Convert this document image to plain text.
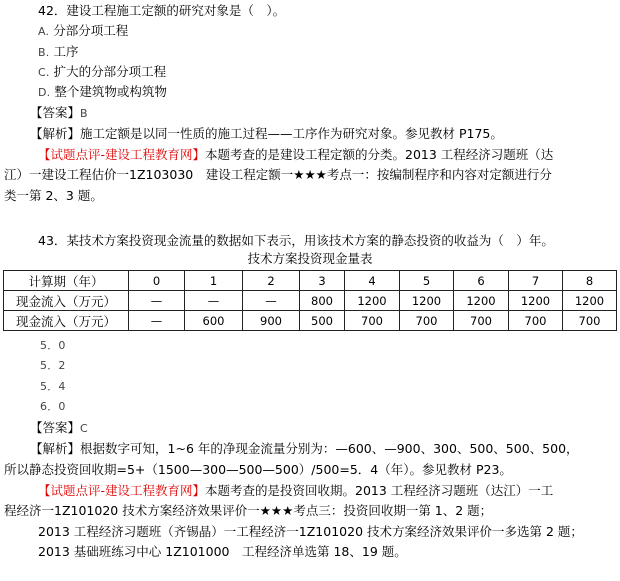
42．建设工程施工定额的研究对象是（　）。
A. 分部分项工程
B. 工序
C. 扩大的分部分项工程
D. 整个建筑物或构筑物
【答案】B
【解析】施工定额是以同一性质的施工过程——工序作为研究对象。参见教材 P175。
【试题点评-建设工程教育网】本题考查的是建设工程定额的分类。2013 工程经济习题班（达
江）一建设工程估价一1Z103030　建设工程定额一★★★考点一：按编制程序和内容对定额进行分
类一第 2、3 题。
43．某技术方案投资现金流量的数据如下表示，用该技术方案的静态投资的收益为（　）年。
技术方案投资现金量表
计算期（年）	0	1	2	3	4	5	6	7	8
现金流入（万元）	—	—	—	800	1200	1200	1200	1200	1200
现金流入（万元）	—	600	900	500	700	700	700	700	700
5．0
5．2
5．4
6．0
【答案】C
【解析】根据数字可知，1~6 年的净现金流量分别为：—600、—900、300、500、500、500，
所以静态投资回收期=5+（1500—300—500—500）/500=5．4（年）。参见教材 P23。
【试题点评-建设工程教育网】本题考查的是投资回收期。2013 工程经济习题班（达江）一工
程经济一1Z101020 技术方案经济效果评价一★★★考点三：投资回收期一第 1、2 题；
2013 工程经济习题班（齐锡晶）一工程经济一1Z101020 技术方案经济效果评价一多选第 2 题；
2013 基础班练习中心 1Z101000　工程经济单选第 18、19 题。
